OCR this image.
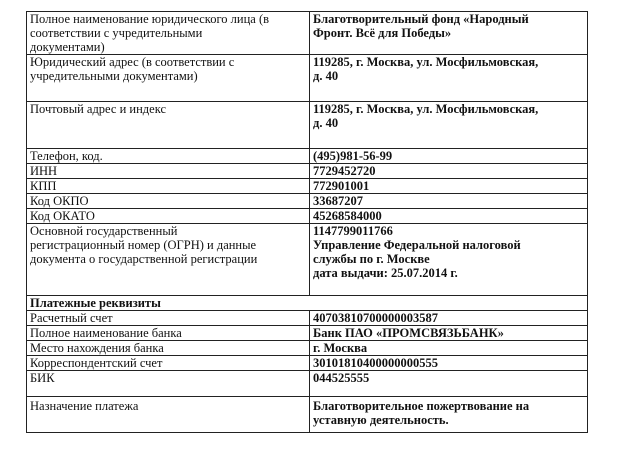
Полное наименование юридического лица (в
соответствии с учредительными
документами)	Благотворительный фонд «Народный
Фронт. Всё для Победы»

Юридический адрес (в соответствии с
учредительными документами)	119285, г. Москва, ул. Мосфильмовская,
д. 40

Почтовый адрес и индекс	119285, г. Москва, ул. Мосфильмовская,
д. 40

Телефон, код.	(495)981-56-99
ИНН	7729452720
КПП	772901001
Код ОКПО	33687207
Код ОКАТО	45268584000

Основной государственный
регистрационный номер (ОГРН) и данные
документа о государственной регистрации	1147799011766
Управление Федеральной налоговой
службы по г. Москве
дата выдачи: 25.07.2014 г.

Платежные реквизиты	
Расчетный счет	40703810700000003587
Полное наименование банка	Банк ПАО «ПРОМСВЯЗЬБАНК»
Место нахождения банка	г. Москва
Корреспондентский счет	30101810400000000555
БИК	044525555

Назначение платежа	Благотворительное пожертвование на
уставную деятельность.
